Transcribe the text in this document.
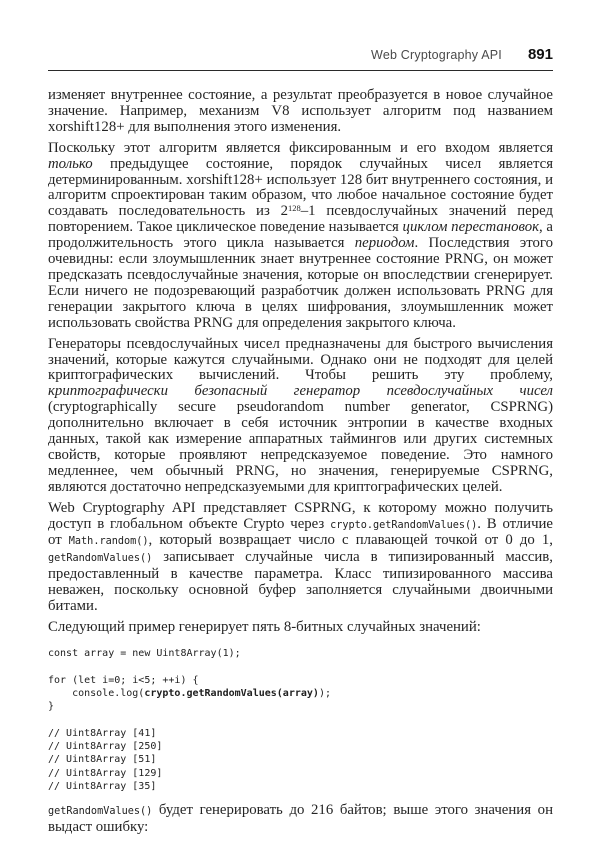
Web Cryptography API 891

изменяет внутреннее состояние, а результат преобразуется в новое случайное значение. Например, механизм V8 использует алгоритм под названием xorshift128+ для выполнения этого изменения.

Поскольку этот алгоритм является фиксированным и его входом является только предыдущее состояние, порядок случайных чисел является детерминированным. xorshift128+ использует 128 бит внутреннего состояния, и алгоритм спроектирован таким образом, что любое начальное состояние будет создавать последовательность из $2^{128}-1$ псевдослучайных значений перед повторением. Такое циклическое поведение называется циклом перестановок, а продолжительность этого цикла называется периодом. Последствия этого очевидны: если злоумышленник знает внутреннее состояние PRNG, он может предсказать псевдослучайные значения, которые он впоследствии сгенерирует. Если ничего не подозревающий разработчик должен использовать PRNG для генерации закрытого ключа в целях шифрования, злоумышленник может использовать свойства PRNG для определения закрытого ключа.

Генераторы псевдослучайных чисел предназначены для быстрого вычисления значений, которые кажутся случайными. Однако они не подходят для целей криптографических вычислений. Чтобы решить эту проблему, криптографически безопасный генератор псевдослучайных чисел (cryptographically secure pseudorandom number generator, CSPRNG) дополнительно включает в себя источник энтропии в качестве входных данных, такой как измерение аппаратных таймингов или других системных свойств, которые проявляют непредсказуемое поведение. Это намного медленнее, чем обычный PRNG, но значения, генерируемые CSPRNG, являются достаточно непредсказуемыми для криптографических целей.

Web Cryptography API представляет CSPRNG, к которому можно получить доступ в глобальном объекте Crypto через crypto.getRandomValues(). В отличие от Math.random(), который возвращает число с плавающей точкой от 0 до 1, getRandomValues() записывает случайные числа в типизированный массив, предоставленный в качестве параметра. Класс типизированного массива неважен, поскольку основной буфер заполняется случайными двоичными битами.

Следующий пример генерирует пять 8-битных случайных значений:

const array = new Uint8Array(1);

for (let i=0; i<5; ++i) {
console.log(crypto.getRandomValues(array));
}

// Uint8Array [41]
// Uint8Array [250]
// Uint8Array [51]
// Uint8Array [129]
// Uint8Array [35]

getRandomValues() будет генерировать до 216 байтов; выше этого значения он выдаст ошибку:
